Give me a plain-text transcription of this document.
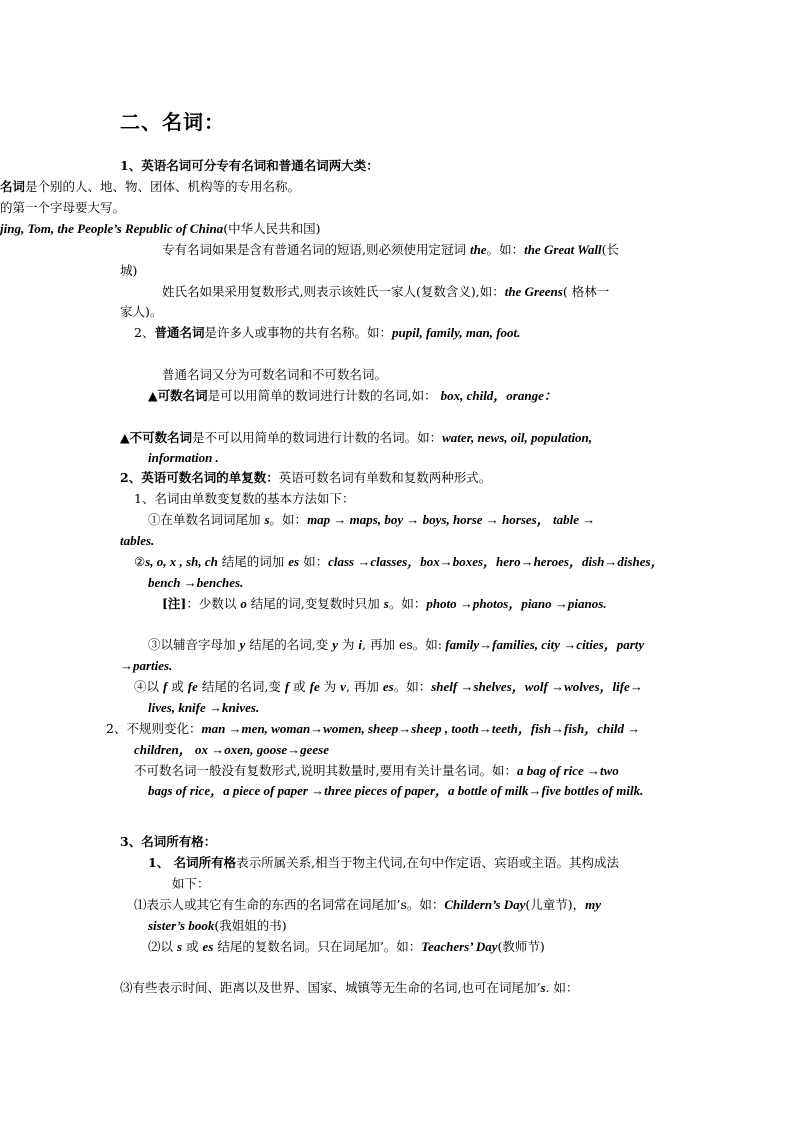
二、名词：
1、英语名词可分专有名词和普通名词两大类：
名词是个别的人、地、物、团体、机构等的专用名称。
的第一个字母要大写。
jing, Tom, the People’s Republic of China(中华人民共和国)
专有名词如果是含有普通名词的短语,则必须使用定冠词 the。如：the Great Wall(长
城)
姓氏名如果采用复数形式,则表示该姓氏一家人(复数含义),如：the Greens( 格林一
家人)。
2、普通名词是许多人或事物的共有名称。如：pupil, family, man, foot.
普通名词又分为可数名词和不可数名词。
▲可数名词是可以用简单的数词进行计数的名词,如： box, child，orange：
▲不可数名词是不可以用简单的数词进行计数的名词。如：water, news, oil, population,
information .
2、英语可数名词的单复数：英语可数名词有单数和复数两种形式。
1、名词由单数变复数的基本方法如下：
①在单数名词词尾加 s。如：map → maps, boy → boys, horse → horses， table →
tables.
②s, o, x , sh, ch 结尾的词加 es 如：class →classes，box→boxes，hero→heroes，dish→dishes，
bench →benches.
[注]：少数以 o 结尾的词,变复数时只加 s。如：photo →photos，piano →pianos.
③以辅音字母加 y 结尾的名词,变 y 为 i, 再加 es。如: family→families, city →cities，party
→parties.
④以 f 或 fe 结尾的名词,变 f 或 fe 为 v, 再加 es。如：shelf →shelves，wolf →wolves，life→
lives, knife →knives.
2、不规则变化：man →men, woman→women, sheep→sheep , tooth→teeth，fish→fish，child →
children， ox →oxen, goose→geese
不可数名词一般没有复数形式,说明其数量时,要用有关计量名词。如：a bag of rice →two
bags of rice，a piece of paper →three pieces of paper，a bottle of milk→five bottles of milk.
3、名词所有格：
1、 名词所有格表示所属关系,相当于物主代词,在句中作定语、宾语或主语。其构成法
如下：
⑴表示人或其它有生命的东西的名词常在词尾加’s。如：Childern’s Day(儿童节)，my
sister’s book(我姐姐的书)
⑵以 s 或 es 结尾的复数名词。只在词尾加’。如：Teachers’ Day(教师节)
⑶有些表示时间、距离以及世界、国家、城镇等无生命的名词,也可在词尾加’s. 如：
